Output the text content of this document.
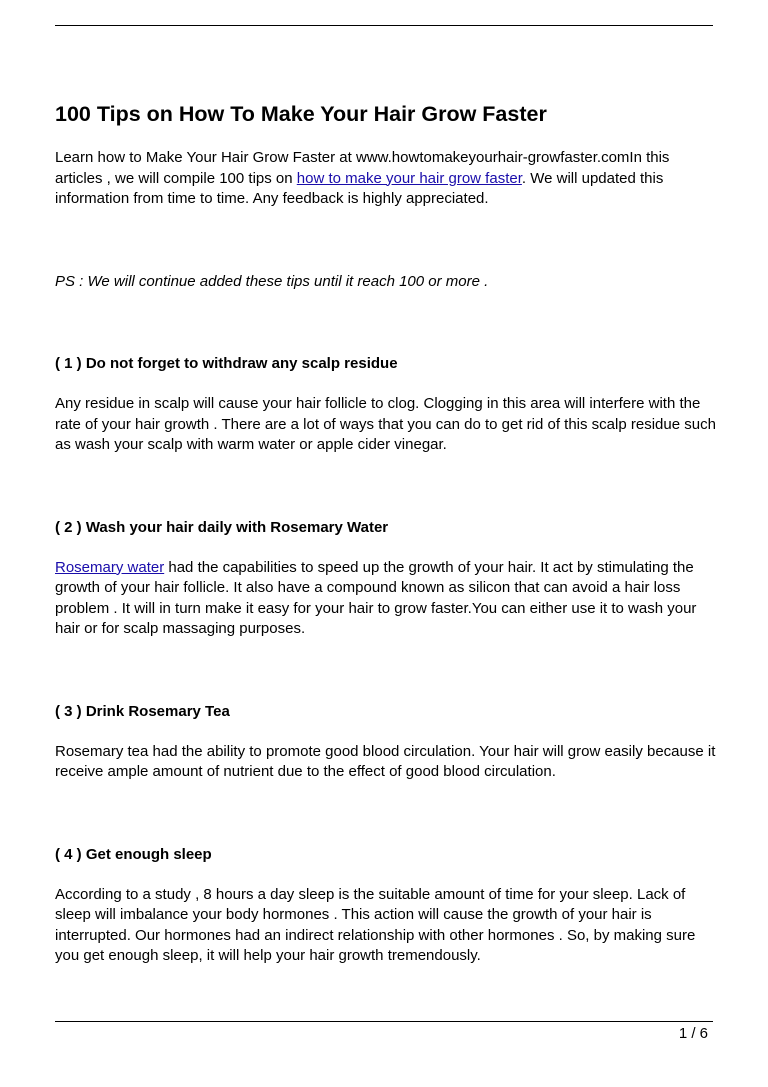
100 Tips on How To Make Your Hair Grow Faster

Learn how to Make Your Hair Grow Faster at www.howtomakeyourhair-growfaster.comIn this articles , we will compile 100 tips on how to make your hair grow faster. We will updated this information from time to time. Any feedback is highly appreciated.

PS : We will continue added these tips until it reach 100 or more .

( 1 ) Do not forget to withdraw any scalp residue

Any residue in scalp will cause your hair follicle to clog. Clogging in this area will interfere with the rate of your hair growth . There are a lot of ways that you can do to get rid of this scalp residue such as wash your scalp with warm water or apple cider vinegar.

( 2 ) Wash your hair daily with Rosemary Water

Rosemary water had the capabilities to speed up the growth of your hair. It act by stimulating the growth of your hair follicle. It also have a compound known as silicon that can avoid a hair loss problem . It will in turn make it easy for your hair to grow faster.You can either use it to wash your hair or for scalp massaging purposes.

( 3 ) Drink Rosemary Tea

Rosemary tea had the ability to promote good blood circulation. Your hair will grow easily because it receive ample amount of nutrient due to the effect of good blood circulation.

( 4 ) Get enough sleep

According to a study , 8 hours a day sleep is the suitable amount of time for your sleep. Lack of sleep will imbalance your body hormones . This action will cause the growth of your hair is interrupted. Our hormones had an indirect relationship with other hormones . So, by making sure you get enough sleep, it will help your hair growth tremendously.

1 / 6
